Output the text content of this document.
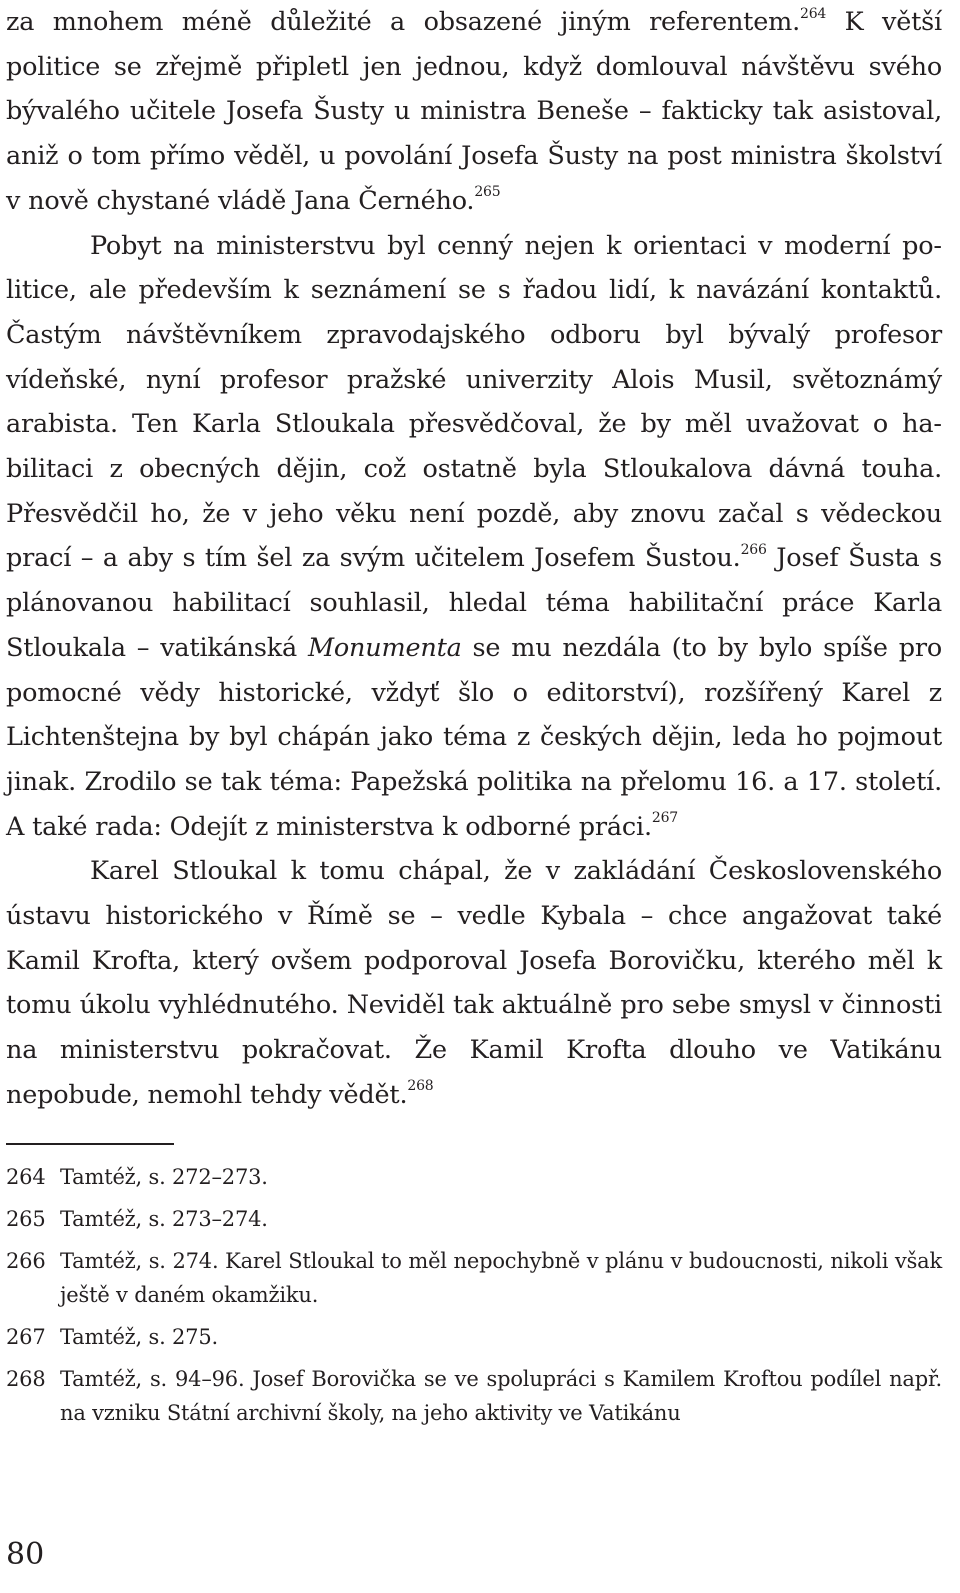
za mnohem méně důležité a obsazené jiným referentem.$^{264}$ K větší politice se zřejmě připletl jen jednou, když domlouval návštěvu svého bývalého učitele Josefa Šusty u ministra Beneše – fakticky tak asistoval, aniž o tom přímo věděl, u povolání Josefa Šusty na post ministra školství v nově chystané vládě Jana Černého.$^{265}$

Pobyt na ministerstvu byl cenný nejen k orientaci v moderní politice, ale především k seznámení se s řadou lidí, k navázání kontaktů. Častým návštěvníkem zpravodajského odboru byl bývalý profesor vídeňské, nyní profesor pražské univerzity Alois Musil, světoznámý arabista. Ten Karla Stloukala přesvědčoval, že by měl uvažovat o habilitaci z obecných dějin, což ostatně byla Stloukalova dávná touha. Přesvědčil ho, že v jeho věku není pozdě, aby znovu začal s vědeckou prací – a aby s tím šel za svým učitelem Josefem Šustou.$^{266}$ Josef Šusta s plánovanou habilitací souhlasil, hledal téma habilitační práce Karla Stloukala – vatikánská Monumenta se mu nezdála (to by bylo spíše pro pomocné vědy historické, vždyť šlo o editorství), rozšířený Karel z Lichtenštejna by byl chápán jako téma z českých dějin, leda ho pojmout jinak. Zrodilo se tak téma: Papežská politika na přelomu 16. a 17. století. A také rada: Odejít z ministerstva k odborné práci.$^{267}$

Karel Stloukal k tomu chápal, že v zakládání Československého ústavu historického v Římě se – vedle Kybala – chce angažovat také Kamil Krofta, který ovšem podporoval Josefa Borovičku, kterého měl k tomu úkolu vyhlédnutého. Neviděl tak aktuálně pro sebe smysl v činnosti na ministerstvu pokračovat. Že Kamil Krofta dlouho ve Vatikánu nepobude, nemohl tehdy vědět.$^{268}$

264 Tamtéž, s. 272–273.
265 Tamtéž, s. 273–274.
266 Tamtéž, s. 274. Karel Stloukal to měl nepochybně v plánu v budoucnosti, nikoli však ještě v daném okamžiku.
267 Tamtéž, s. 275.
268 Tamtéž, s. 94–96. Josef Borovička se ve spolupráci s Kamilem Kroftou podílel např. na vzniku Státní archivní školy, na jeho aktivity ve Vatikánu
80
